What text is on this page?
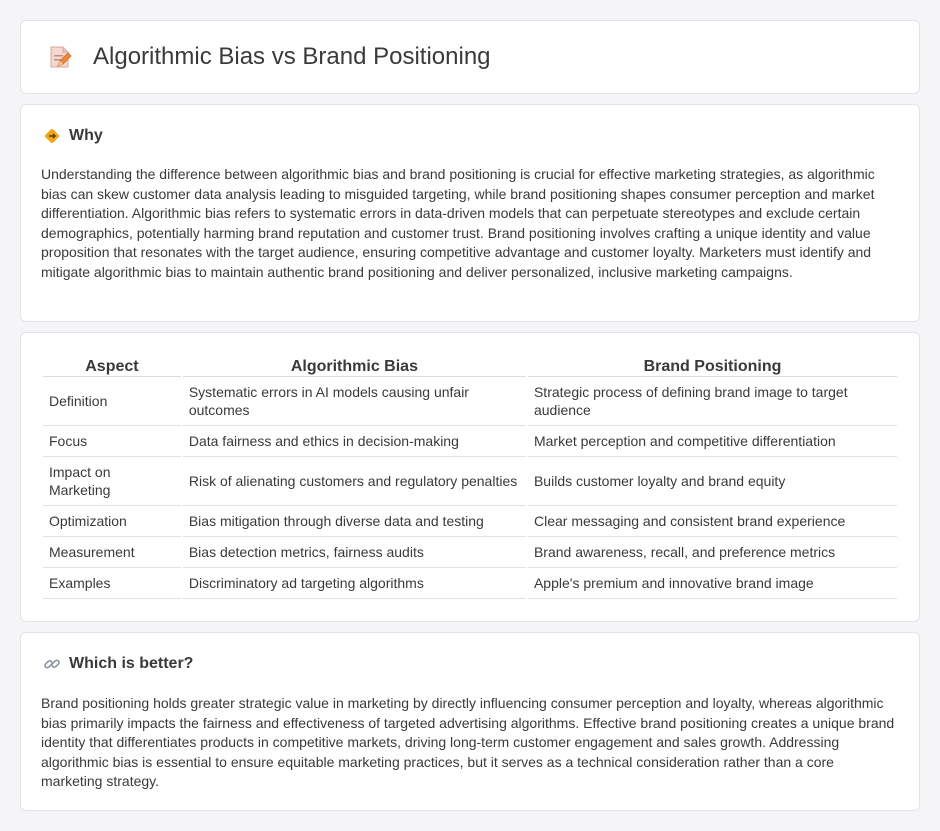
Algorithmic Bias vs Brand Positioning
Why

Understanding the difference between algorithmic bias and brand positioning is crucial for effective marketing strategies, as algorithmic bias can skew customer data analysis leading to misguided targeting, while brand positioning shapes consumer perception and market differentiation. Algorithmic bias refers to systematic errors in data-driven models that can perpetuate stereotypes and exclude certain demographics, potentially harming brand reputation and customer trust. Brand positioning involves crafting a unique identity and value proposition that resonates with the target audience, ensuring competitive advantage and customer loyalty. Marketers must identify and mitigate algorithmic bias to maintain authentic brand positioning and deliver personalized, inclusive marketing campaigns.

Aspect	Algorithmic Bias	Brand Positioning
Definition	Systematic errors in AI models causing unfair outcomes	Strategic process of defining brand image to target audience
Focus	Data fairness and ethics in decision-making	Market perception and competitive differentiation
Impact on Marketing	Risk of alienating customers and regulatory penalties	Builds customer loyalty and brand equity
Optimization	Bias mitigation through diverse data and testing	Clear messaging and consistent brand experience
Measurement	Bias detection metrics, fairness audits	Brand awareness, recall, and preference metrics
Examples	Discriminatory ad targeting algorithms	Apple's premium and innovative brand image
Which is better?

Brand positioning holds greater strategic value in marketing by directly influencing consumer perception and loyalty, whereas algorithmic bias primarily impacts the fairness and effectiveness of targeted advertising algorithms. Effective brand positioning creates a unique brand identity that differentiates products in competitive markets, driving long-term customer engagement and sales growth. Addressing algorithmic bias is essential to ensure equitable marketing practices, but it serves as a technical consideration rather than a core marketing strategy.
